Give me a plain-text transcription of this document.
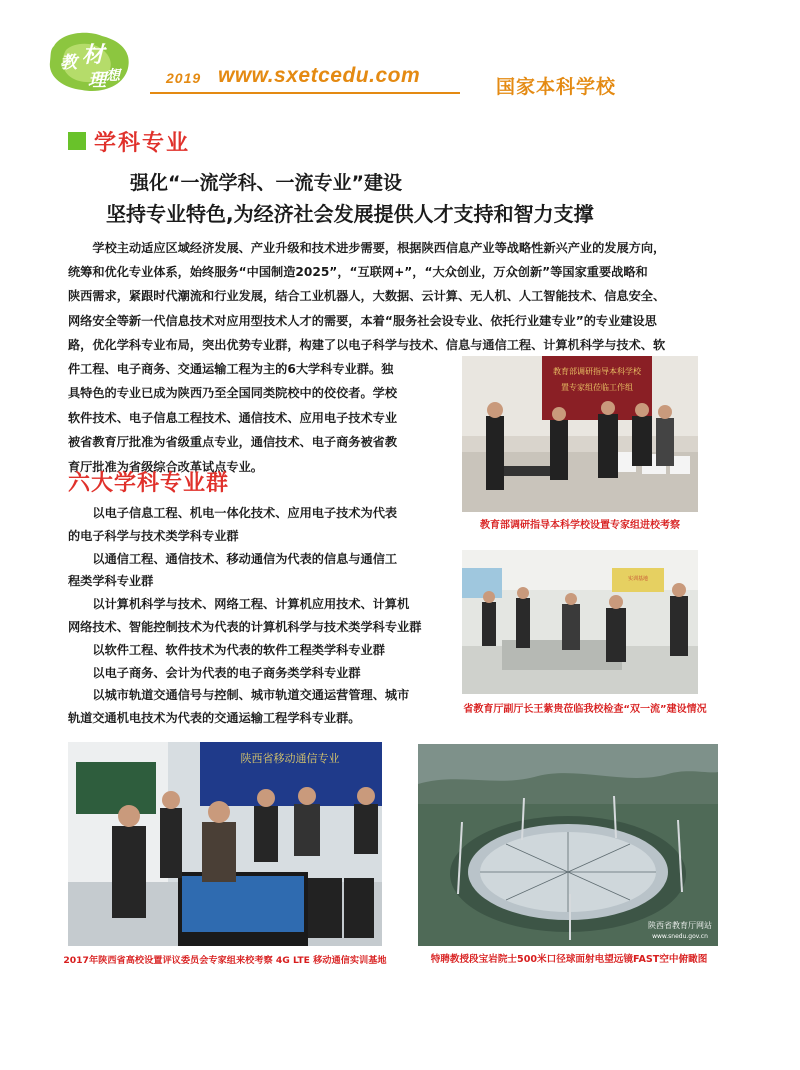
教 材
理 想	2019 www.sxetcedu.com	国家本科学校
学科专业
强化“一流学科、一流专业”建设
坚持专业特色,为经济社会发展提供人才支持和智力支撑
学校主动适应区域经济发展、产业升级和技术进步需要，根据陕西信息产业等战略性新兴产业的发展方向，
统筹和优化专业体系，始终服务“中国制造2025”，“互联网+”，“大众创业，万众创新”等国家重要战略和
陕西需求，紧跟时代潮流和行业发展，结合工业机器人，大数据、云计算、无人机、人工智能技术、信息安全、
网络安全等新一代信息技术对应用型技术人才的需要，本着“服务社会设专业、依托行业建专业”的专业建设思
路，优化学科专业布局，突出优势专业群，构建了以电子科学与技术、信息与通信工程、计算机科学与技术、软
件工程、电子商务、交通运输工程为主的6大学科专业群。独
具特色的专业已成为陕西乃至全国同类院校中的佼佼者。学校
软件技术、电子信息工程技术、通信技术、应用电子技术专业
被省教育厅批准为省级重点专业，通信技术、电子商务被省教
育厅批准为省级综合改革试点专业。
六大学科专业群

以电子信息工程、机电一体化技术、应用电子技术为代表

的电子科学与技术类学科专业群

以通信工程、通信技术、移动通信为代表的信息与通信工

程类学科专业群

以计算机科学与技术、网络工程、计算机应用技术、计算机

网络技术、智能控制技术为代表的计算机科学与技术类学科专业群

以软件工程、软件技术为代表的软件工程类学科专业群

以电子商务、会计为代表的电子商务类学科专业群

以城市轨道交通信号与控制、城市轨道交通运营管理、城市

轨道交通机电技术为代表的交通运输工程学科专业群。

教育部调研指导本科学校
置专家组莅临工作组
教育部调研指导本科学校设置专家组进校考察
实训基地
省教育厅副厅长王紫贵莅临我校检查“双一流”建设情况
陕西省移动通信专业
2017年陕西省高校设置评议委员会专家组来校考察 4G LTE 移动通信实训基地
陕西省教育厅网站
www.snedu.gov.cn
特聘教授段宝岩院士500米口径球面射电望远镜FAST空中俯瞰图
